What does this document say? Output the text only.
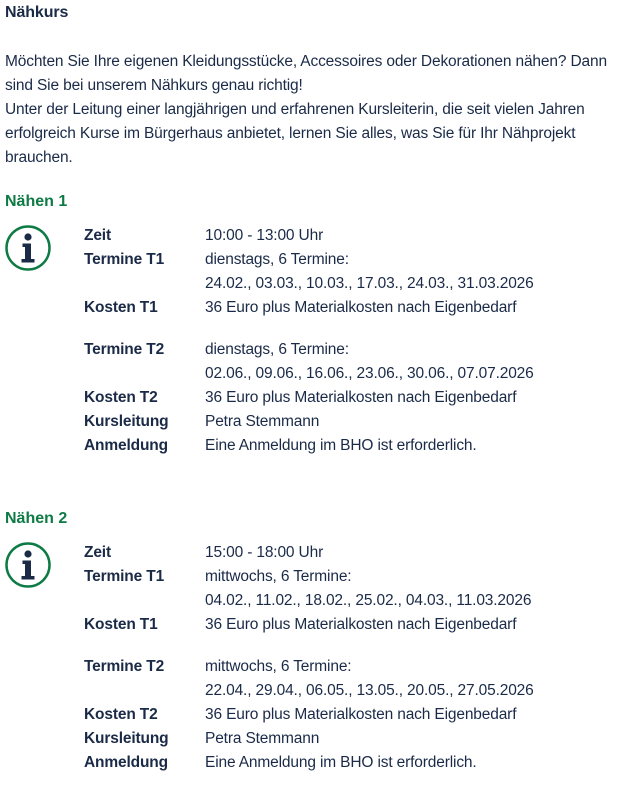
Nähkurs

Möchten Sie Ihre eigenen Kleidungsstücke, Accessoires oder Dekorationen nähen? Dann sind Sie bei unserem Nähkurs genau richtig!

Unter der Leitung einer langjährigen und erfahrenen Kursleiterin, die seit vielen Jahren erfolgreich Kurse im Bürgerhaus anbietet, lernen Sie alles, was Sie für Ihr Nähprojekt brauchen.

Nähen 1
Zeit	10:00 - 13:00 Uhr
Termine T1	dienstags, 6 Termine:
24.02., 03.03., 10.03., 17.03., 24.03., 31.03.2026
Kosten T1	36 Euro plus Materialkosten nach Eigenbedarf
Termine T2	dienstags, 6 Termine:
02.06., 09.06., 16.06., 23.06., 30.06., 07.07.2026
Kosten T2	36 Euro plus Materialkosten nach Eigenbedarf
Kursleitung	Petra Stemmann
Anmeldung	Eine Anmeldung im BHO ist erforderlich.
Nähen 2
Zeit	15:00 - 18:00 Uhr
Termine T1	mittwochs, 6 Termine:
04.02., 11.02., 18.02., 25.02., 04.03., 11.03.2026
Kosten T1	36 Euro plus Materialkosten nach Eigenbedarf
Termine T2	mittwochs, 6 Termine:
22.04., 29.04., 06.05., 13.05., 20.05., 27.05.2026
Kosten T2	36 Euro plus Materialkosten nach Eigenbedarf
Kursleitung	Petra Stemmann
Anmeldung	Eine Anmeldung im BHO ist erforderlich.
